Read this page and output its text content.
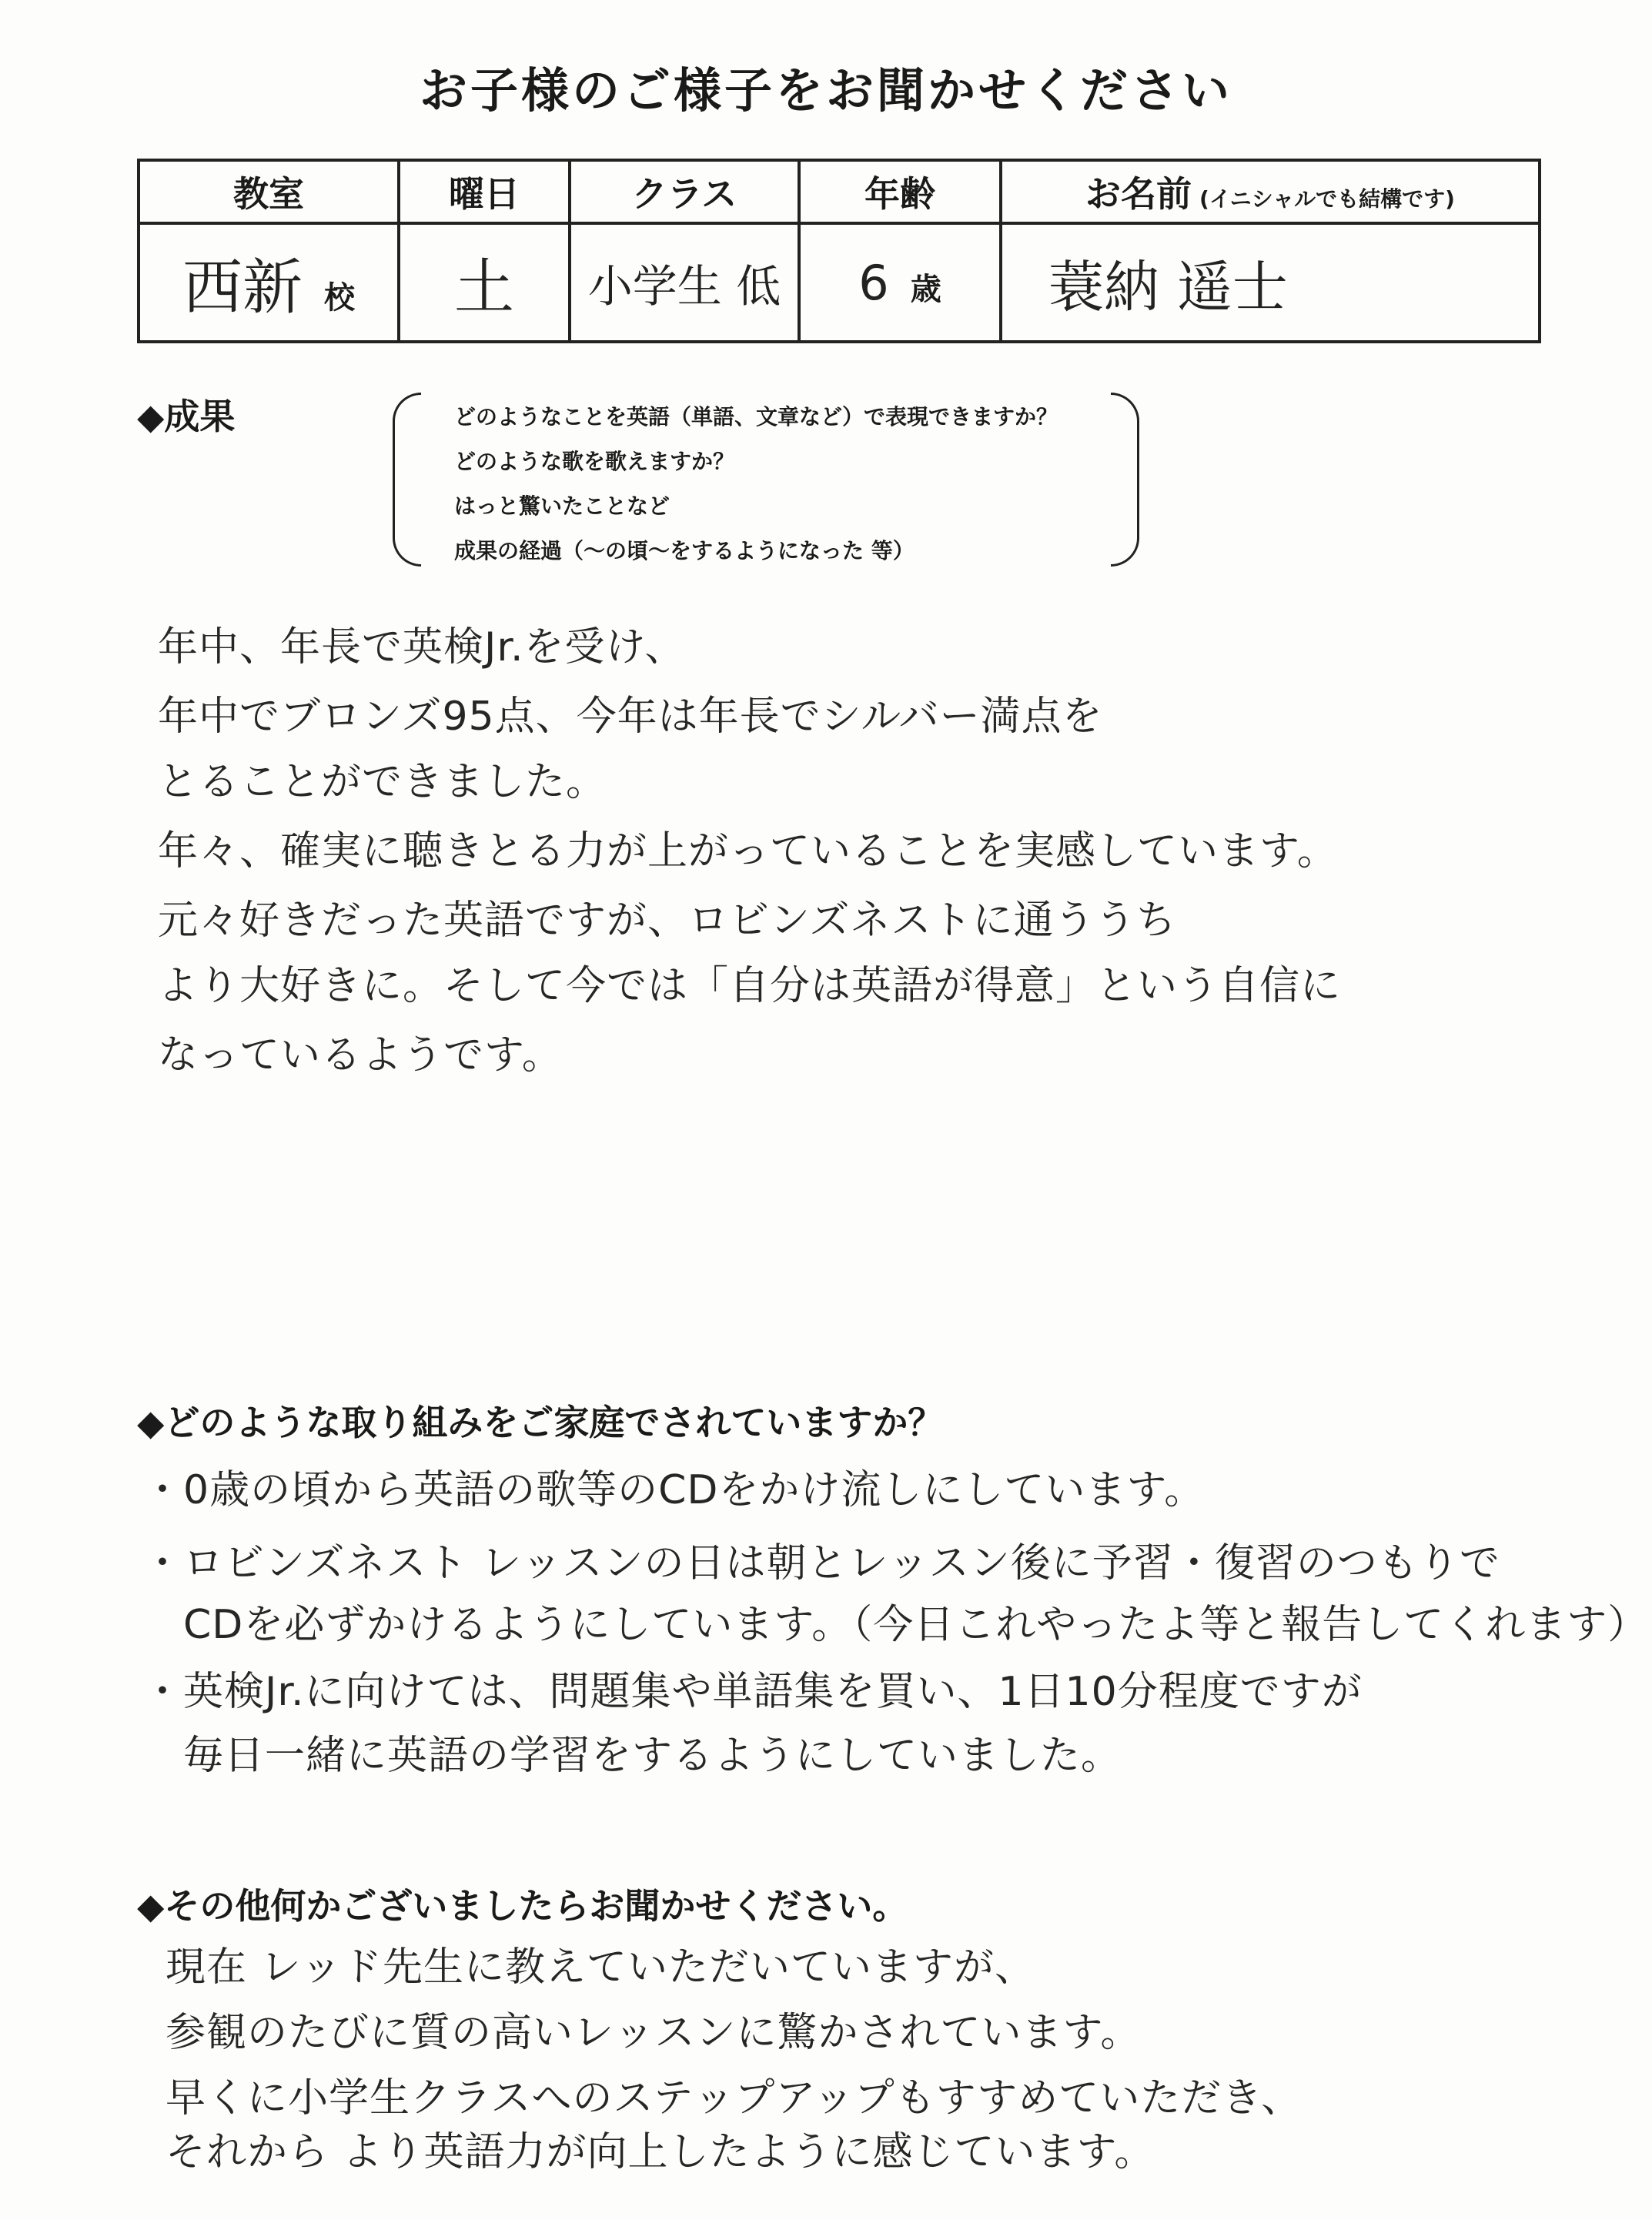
お子様のご様子をお聞かせください
教室	曜日	クラス	年齢	お名前 (イニシャルでも結構です)
西新 校	土	小学生 低	6 歳	蓑納 遥士
◆成果	どのようなことを英語（単語、文章など）で表現できますか？
どのような歌を歌えますか？
はっと驚いたことなど
成果の経過（～の頃～をするようになった 等）
年中、年長で英検Jr.を受け、
年中でブロンズ95点、今年は年長でシルバー満点を
とることができました。
年々、確実に聴きとる力が上がっていることを実感しています。
元々好きだった英語ですが、ロビンズネストに通ううち
より大好きに。そして今では「自分は英語が得意」という自信に
なっているようです。
◆どのような取り組みをご家庭でされていますか？
・0歳の頃から英語の歌等のCDをかけ流しにしています。
・ロビンズネスト レッスンの日は朝とレッスン後に予習・復習のつもりで
　CDを必ずかけるようにしています。（今日これやったよ等と報告してくれます）
・英検Jr.に向けては、問題集や単語集を買い、1日10分程度ですが
　毎日一緒に英語の学習をするようにしていました。
◆その他何かございましたらお聞かせください。
現在 レッド先生に教えていただいていますが、
参観のたびに質の高いレッスンに驚かされています。
早くに小学生クラスへのステップアップもすすめていただき、
それから より英語力が向上したように感じています。
